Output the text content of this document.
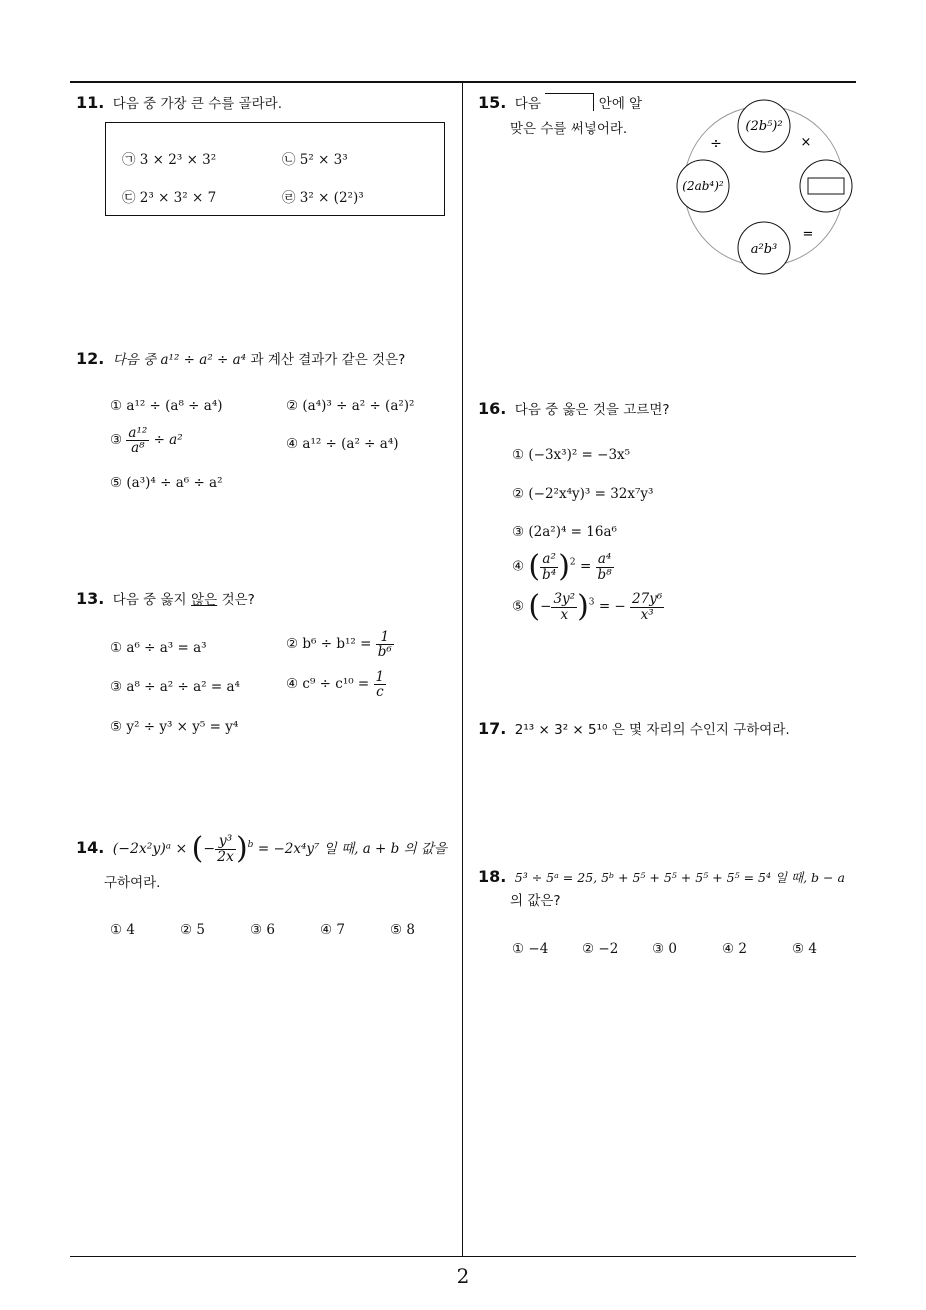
2
11. 다음 중 가장 큰 수를 골라라.
㉠ 3 × 2³ × 3²	㉡ 5² × 3³
㉢ 2³ × 3² × 7	㉣ 3² × (2²)³
12. 다음 중 a¹² ÷ a² ÷ a⁴ 과 계산 결과가 같은 것은?
① a¹² ÷ (a⁸ ÷ a⁴)	② (a⁴)³ ÷ a² ÷ (a²)²
③ $\frac{\text{a¹²}}{\text{a⁸}} \div a^2$	④ a¹² ÷ (a² ÷ a⁴)
⑤ (a³)⁴ ÷ a⁶ ÷ a²
13. 다음 중 옳지 않은 것은?
① a⁶ ÷ a³ = a³	② $b^6 \div b^{12} = \frac{1}{\text{b⁶}}$
③ a⁸ ÷ a² ÷ a² = a⁴	④ $c^9 \div c^{10} = \frac{1}{c}$
⑤ y² ÷ y³ × y⁵ = y⁴
14. (−2x²y)ᵃ × (− $\frac{\text{y³}}{2x} )^b = -2x^4y^7$ 일 때, a + b 의 값을
구하여라.
① 4	② 5	③ 6	④ 7	⑤ 8
15. 다음	안에 알
맞은 수를 써넣어라.	(2b⁵)²
(2ab⁴)²
a²b³
÷	×
=
16. 다음 중 옳은 것을 고르면?
① (−3x³)² = −3x⁵
② (−2²x⁴y)³ = 32x⁷y³
③ (2a²)⁴ = 16a⁶
④ ( $\frac{\text{a²}}{\text{b⁴}} )^2 = \frac{\text{a⁴}}{\text{b⁸}}$
⑤ (− $\frac{\text{3y²}}{x} )^3$ = − $\frac{\text{27y⁶}}{\text{x³}}$
17. 2¹³ × 3² × 5¹⁰ 은 몇 자리의 수인지 구하여라.
18. 5³ ÷ 5ᵃ = 25, 5ᵇ + 5⁵ + 5⁵ + 5⁵ + 5⁵ = 5⁴ 일 때, b − a
의 값은?
① −4 ② −2 ③ 0	④ 2	⑤ 4
